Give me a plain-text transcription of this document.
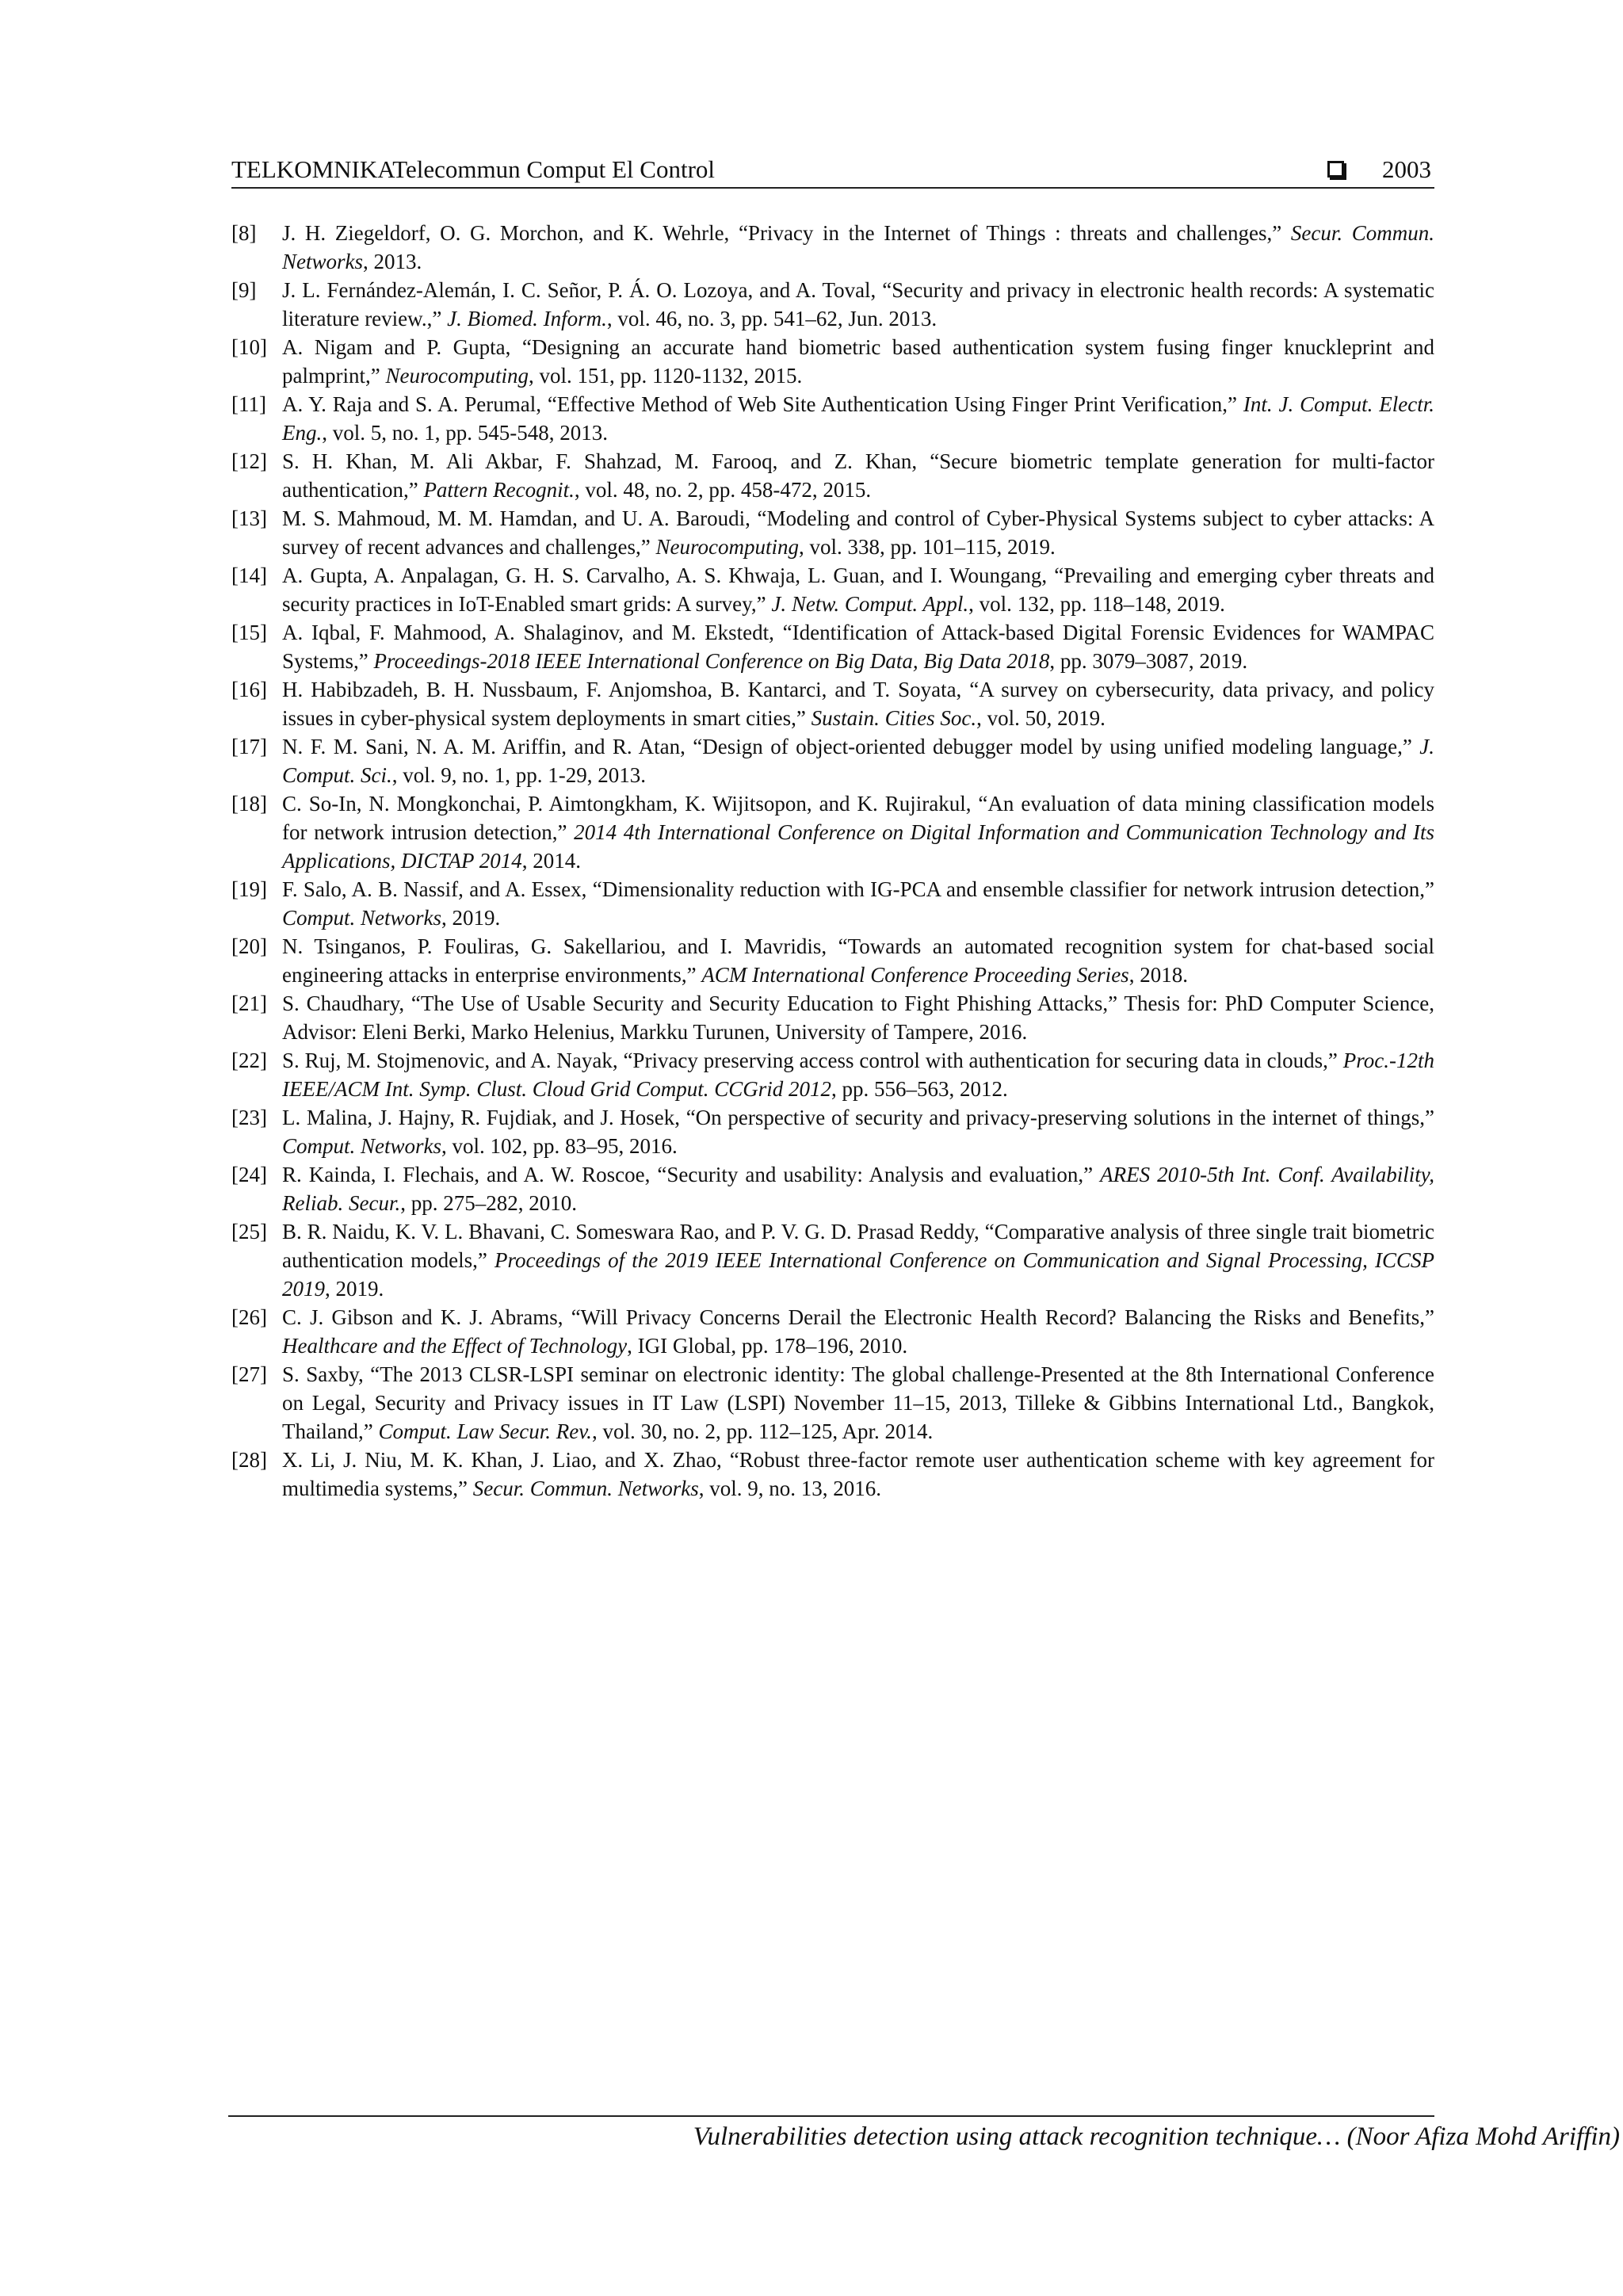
TELKOMNIKATelecommun Comput El Control	2003
[8] J. H. Ziegeldorf, O. G. Morchon, and K. Wehrle, “Privacy in the Internet of Things : threats and challenges,” Secur. Commun. Networks, 2013.
[9] J. L. Fernández-Alemán, I. C. Señor, P. Á. O. Lozoya, and A. Toval, “Security and privacy in electronic health records: A systematic literature review.,” J. Biomed. Inform., vol. 46, no. 3, pp. 541–62, Jun. 2013.
[10] A. Nigam and P. Gupta, “Designing an accurate hand biometric based authentication system fusing finger knuckleprint and palmprint,” Neurocomputing, vol. 151, pp. 1120-1132, 2015.
[11] A. Y. Raja and S. A. Perumal, “Effective Method of Web Site Authentication Using Finger Print Verification,” Int. J. Comput. Electr. Eng., vol. 5, no. 1, pp. 545-548, 2013.
[12] S. H. Khan, M. Ali Akbar, F. Shahzad, M. Farooq, and Z. Khan, “Secure biometric template generation for multi-factor authentication,” Pattern Recognit., vol. 48, no. 2, pp. 458-472, 2015.
[13] M. S. Mahmoud, M. M. Hamdan, and U. A. Baroudi, “Modeling and control of Cyber-Physical Systems subject to cyber attacks: A survey of recent advances and challenges,” Neurocomputing, vol. 338, pp. 101–115, 2019.
[14] A. Gupta, A. Anpalagan, G. H. S. Carvalho, A. S. Khwaja, L. Guan, and I. Woungang, “Prevailing and emerging cyber threats and security practices in IoT-Enabled smart grids: A survey,” J. Netw. Comput. Appl., vol. 132, pp. 118–148, 2019.
[15] A. Iqbal, F. Mahmood, A. Shalaginov, and M. Ekstedt, “Identification of Attack-based Digital Forensic Evidences for WAMPAC Systems,” Proceedings-2018 IEEE International Conference on Big Data, Big Data 2018, pp. 3079–3087, 2019.
[16] H. Habibzadeh, B. H. Nussbaum, F. Anjomshoa, B. Kantarci, and T. Soyata, “A survey on cybersecurity, data privacy, and policy issues in cyber-physical system deployments in smart cities,” Sustain. Cities Soc., vol. 50, 2019.
[17] N. F. M. Sani, N. A. M. Ariffin, and R. Atan, “Design of object-oriented debugger model by using unified modeling language,” J. Comput. Sci., vol. 9, no. 1, pp. 1-29, 2013.
[18] C. So-In, N. Mongkonchai, P. Aimtongkham, K. Wijitsopon, and K. Rujirakul, “An evaluation of data mining classification models for network intrusion detection,” 2014 4th International Conference on Digital Information and Communication Technology and Its Applications, DICTAP 2014, 2014.
[19] F. Salo, A. B. Nassif, and A. Essex, “Dimensionality reduction with IG-PCA and ensemble classifier for network intrusion detection,” Comput. Networks, 2019.
[20] N. Tsinganos, P. Fouliras, G. Sakellariou, and I. Mavridis, “Towards an automated recognition system for chat-based social engineering attacks in enterprise environments,” ACM International Conference Proceeding Series, 2018.
[21] S. Chaudhary, “The Use of Usable Security and Security Education to Fight Phishing Attacks,” Thesis for: PhD Computer Science, Advisor: Eleni Berki, Marko Helenius, Markku Turunen, University of Tampere, 2016.
[22] S. Ruj, M. Stojmenovic, and A. Nayak, “Privacy preserving access control with authentication for securing data in clouds,” Proc.-12th IEEE/ACM Int. Symp. Clust. Cloud Grid Comput. CCGrid 2012, pp. 556–563, 2012.
[23] L. Malina, J. Hajny, R. Fujdiak, and J. Hosek, “On perspective of security and privacy-preserving solutions in the internet of things,” Comput. Networks, vol. 102, pp. 83–95, 2016.
[24] R. Kainda, I. Flechais, and A. W. Roscoe, “Security and usability: Analysis and evaluation,” ARES 2010-5th Int. Conf. Availability, Reliab. Secur., pp. 275–282, 2010.
[25] B. R. Naidu, K. V. L. Bhavani, C. Someswara Rao, and P. V. G. D. Prasad Reddy, “Comparative analysis of three single trait biometric authentication models,” Proceedings of the 2019 IEEE International Conference on Communication and Signal Processing, ICCSP 2019, 2019.
[26] C. J. Gibson and K. J. Abrams, “Will Privacy Concerns Derail the Electronic Health Record? Balancing the Risks and Benefits,” Healthcare and the Effect of Technology, IGI Global, pp. 178–196, 2010.
[27] S. Saxby, “The 2013 CLSR-LSPI seminar on electronic identity: The global challenge-Presented at the 8th International Conference on Legal, Security and Privacy issues in IT Law (LSPI) November 11–15, 2013, Tilleke & Gibbins International Ltd., Bangkok, Thailand,” Comput. Law Secur. Rev., vol. 30, no. 2, pp. 112–125, Apr. 2014.
[28] X. Li, J. Niu, M. K. Khan, J. Liao, and X. Zhao, “Robust three-factor remote user authentication scheme with key agreement for multimedia systems,” Secur. Commun. Networks, vol. 9, no. 13, 2016.
Vulnerabilities detection using attack recognition technique… (Noor Afiza Mohd Ariffin)
